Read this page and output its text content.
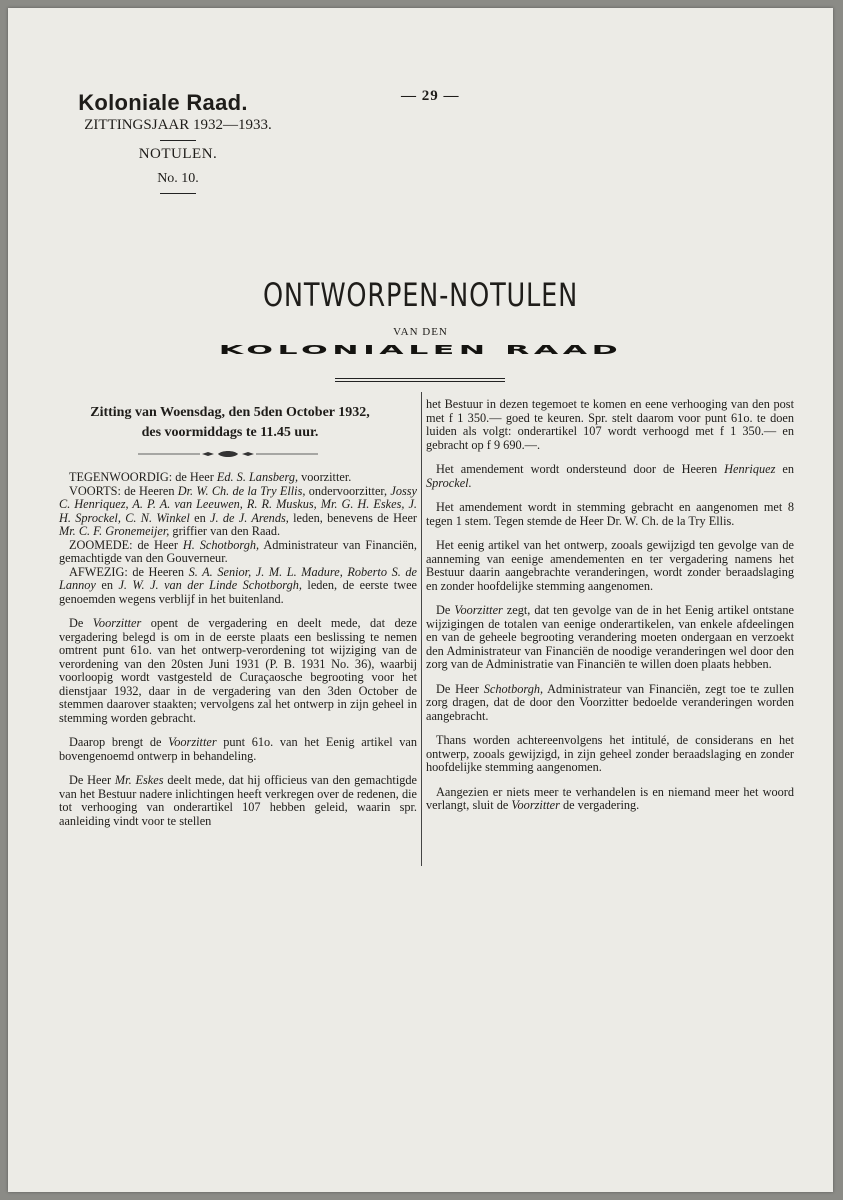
Koloniale Raad.
ZITTINGSJAAR 1932—1933.
NOTULEN.
No. 10.
— 29 —
ONTWORPEN-NOTULEN
VAN DEN
KOLONIALEN RAAD
Zitting van Woensdag, den 5den October 1932,
des voormiddags te 11.45 uur.

TEGENWOORDIG: de Heer Ed. S. Lansberg, voorzitter.

VOORTS: de Heeren Dr. W. Ch. de la Try Ellis, ondervoorzitter, Jossy C. Henriquez, A. P. A. van Leeuwen, R. R. Muskus, Mr. G. H. Eskes, J. H. Sprockel, C. N. Winkel en J. de J. Arends, leden, benevens de Heer Mr. C. F. Gronemeijer, griffier van den Raad.

ZOOMEDE: de Heer H. Schotborgh, Administrateur van Financiën, gemachtigde van den Gouverneur.

AFWEZIG: de Heeren S. A. Senior, J. M. L. Madure, Roberto S. de Lannoy en J. W. J. van der Linde Schotborgh, leden, de eerste twee genoemden wegens verblijf in het buitenland.

De Voorzitter opent de vergadering en deelt mede, dat deze vergadering belegd is om in de eerste plaats een beslissing te nemen omtrent punt 61o. van het ontwerp-verordening tot wijziging van de verordening van den 20sten Juni 1931 (P. B. 1931 No. 36), waarbij voorloopig wordt vastgesteld de Curaçaosche begrooting voor het dienstjaar 1932, daar in de vergadering van den 3den October de stemmen daarover staakten; vervolgens zal het ontwerp in zijn geheel in stemming worden gebracht.

Daarop brengt de Voorzitter punt 61o. van het Eenig artikel van bovengenoemd ontwerp in behandeling.

De Heer Mr. Eskes deelt mede, dat hij officieus van den gemachtigde van het Bestuur nadere inlichtingen heeft verkregen over de redenen, die tot verhooging van onderartikel 107 hebben geleid, waarin spr. aanleiding vindt voor te stellen

het Bestuur in dezen tegemoet te komen en eene verhooging van den post met f 1 350.— goed te keuren. Spr. stelt daarom voor punt 61o. te doen luiden als volgt: onderartikel 107 wordt verhoogd met f 1 350.— en gebracht op f 9 690.—.

Het amendement wordt ondersteund door de Heeren Henriquez en Sprockel.

Het amendement wordt in stemming gebracht en aangenomen met 8 tegen 1 stem. Tegen stemde de Heer Dr. W. Ch. de la Try Ellis.

Het eenig artikel van het ontwerp, zooals gewijzigd ten gevolge van de aanneming van eenige amendementen en ter vergadering namens het Bestuur daarin aangebrachte veranderingen, wordt zonder beraadslaging en zonder hoofdelijke stemming aangenomen.

De Voorzitter zegt, dat ten gevolge van de in het Eenig artikel ontstane wijzigingen de totalen van eenige onderartikelen, van enkele afdeelingen en van de geheele begrooting verandering moeten ondergaan en verzoekt den Administrateur van Financiën de noodige veranderingen wel door den zorg van de Administratie van Financiën te willen doen plaats hebben.

De Heer Schotborgh, Administrateur van Financiën, zegt toe te zullen zorg dragen, dat de door den Voorzitter bedoelde veranderingen worden aangebracht.

Thans worden achtereenvolgens het intitulé, de considerans en het ontwerp, zooals gewijzigd, in zijn geheel zonder beraadslaging en zonder hoofdelijke stemming aangenomen.

Aangezien er niets meer te verhandelen is en niemand meer het woord verlangt, sluit de Voorzitter de vergadering.
